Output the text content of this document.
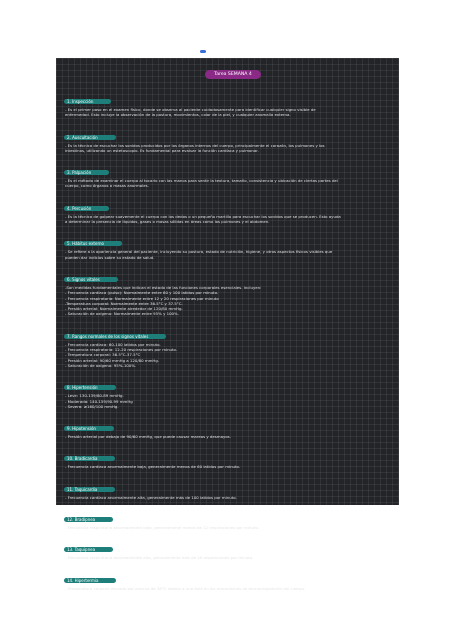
Tarea SEMANA 4
1. Inspección
- Es el primer paso en el examen físico, donde se observa al paciente cuidadosamente para identificar cualquier signo visible de
enfermedad. Esto incluye la observación de la postura, movimientos, color de la piel, y cualquier anomalía externa.
2. Auscultación
- Es la técnica de escuchar los sonidos producidos por los órganos internos del cuerpo, principalmente el corazón, los pulmones y los
intestinos, utilizando un estetoscopio. Es fundamental para evaluar la función cardíaca y pulmonar.
3. Palpación
- Es el método de examinar el cuerpo al tocarlo con las manos para sentir la textura, tamaño, consistencia y ubicación de ciertas partes del
cuerpo, como órganos o masas anormales.
4. Percusión
- Es la técnica de golpear suavemente el cuerpo con los dedos o un pequeño martillo para escuchar los sonidos que se producen. Esto ayuda
a determinar la presencia de líquidos, gases o masas sólidas en áreas como los pulmones y el abdomen.
5. Hábitus externo
- Se refiere a la apariencia general del paciente, incluyendo su postura, estado de nutrición, higiene, y otros aspectos físicos visibles que
pueden dar indicios sobre su estado de salud.
6. Signos vitales
-Son medidas fundamentales que indican el estado de las funciones corporales esenciales. Incluyen:
- Frecuencia cardíaca (pulso): Normalmente entre 60 y 100 latidos por minuto.
- Frecuencia respiratoria: Normalmente entre 12 y 20 respiraciones por minuto
-Temperatura corporal: Normalmente entre 36.5°C y 37.5°C.
- Presión arterial: Normalmente alrededor de 120/80 mmHg.
- Saturación de oxígeno: Normalmente entre 95% y 100%.
7. Rangos normales de los signos vitales
- Frecuencia cardíaca: 60-100 latidos por minuto.
- Frecuencia respiratoria: 12-20 respiraciones por minuto.
- Temperatura corporal: 36.5°C-37.5°C
- Presión arterial: 90/60 mmHg a 120/80 mmHg.
- Saturación de oxígeno: 95%-100%.
8. Hipertensión
- Leve: 130-139/80-89 mmHg.
- Moderada: 140-159/90-99 mmHg
- Severa: ≥160/100 mmHg.
9. Hipotensión
- Presión arterial por debajo de 90/60 mmHg, que puede causar mareos y desmayos.
10. Bradicardia
- Frecuencia cardíaca anormalmente baja, generalmente menos de 60 latidos por minuto.
11. Taquicardia
- Frecuencia cardíaca anormalmente alta, generalmente más de 100 latidos por minuto.
12. Bradipnea
- Frecuencia respiratoria anormalmente baja, generalmente menos de 12 respiraciones por minuto.
13. Taquipnea
- Frecuencia respiratoria anormalmente alta, generalmente más de 20 respiraciones por minuto.
14. Hipertermia
- Temperatura corporal elevada por encima de 38°C debido a una falla en los mecanismos de termorregulación del cuerpo.
